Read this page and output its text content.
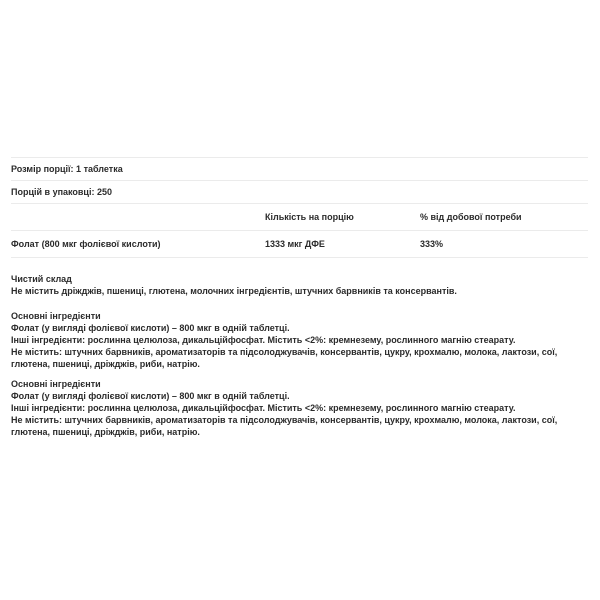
Розмір порції: 1 таблетка		
Порцій в упаковці: 250		
	Кількість на порцію	% від добової потреби
Фолат (800 мкг фолієвої кислоти)	1333 мкг ДФЕ	333%
Чистий склад
Не містить дріжджів, пшениці, глютена, молочних інгредієнтів, штучних барвників та консервантів.
Основні інгредієнти
Фолат (у вигляді фолієвої кислоти) – 800 мкг в одній таблетці.
Інші інгредієнти: рослинна целюлоза, дикальційфосфат. Містить <2%: кремнезему, рослинного магнію стеарату.
Не містить: штучних барвників, ароматизаторів та підсолоджувачів, консервантів, цукру, крохмалю, молока, лактози, сої,
глютена, пшениці, дріжджів, риби, натрію.
Основні інгредієнти
Фолат (у вигляді фолієвої кислоти) – 800 мкг в одній таблетці.
Інші інгредієнти: рослинна целюлоза, дикальційфосфат. Містить <2%: кремнезему, рослинного магнію стеарату.
Не містить: штучних барвників, ароматизаторів та підсолоджувачів, консервантів, цукру, крохмалю, молока, лактози, сої,
глютена, пшениці, дріжджів, риби, натрію.
